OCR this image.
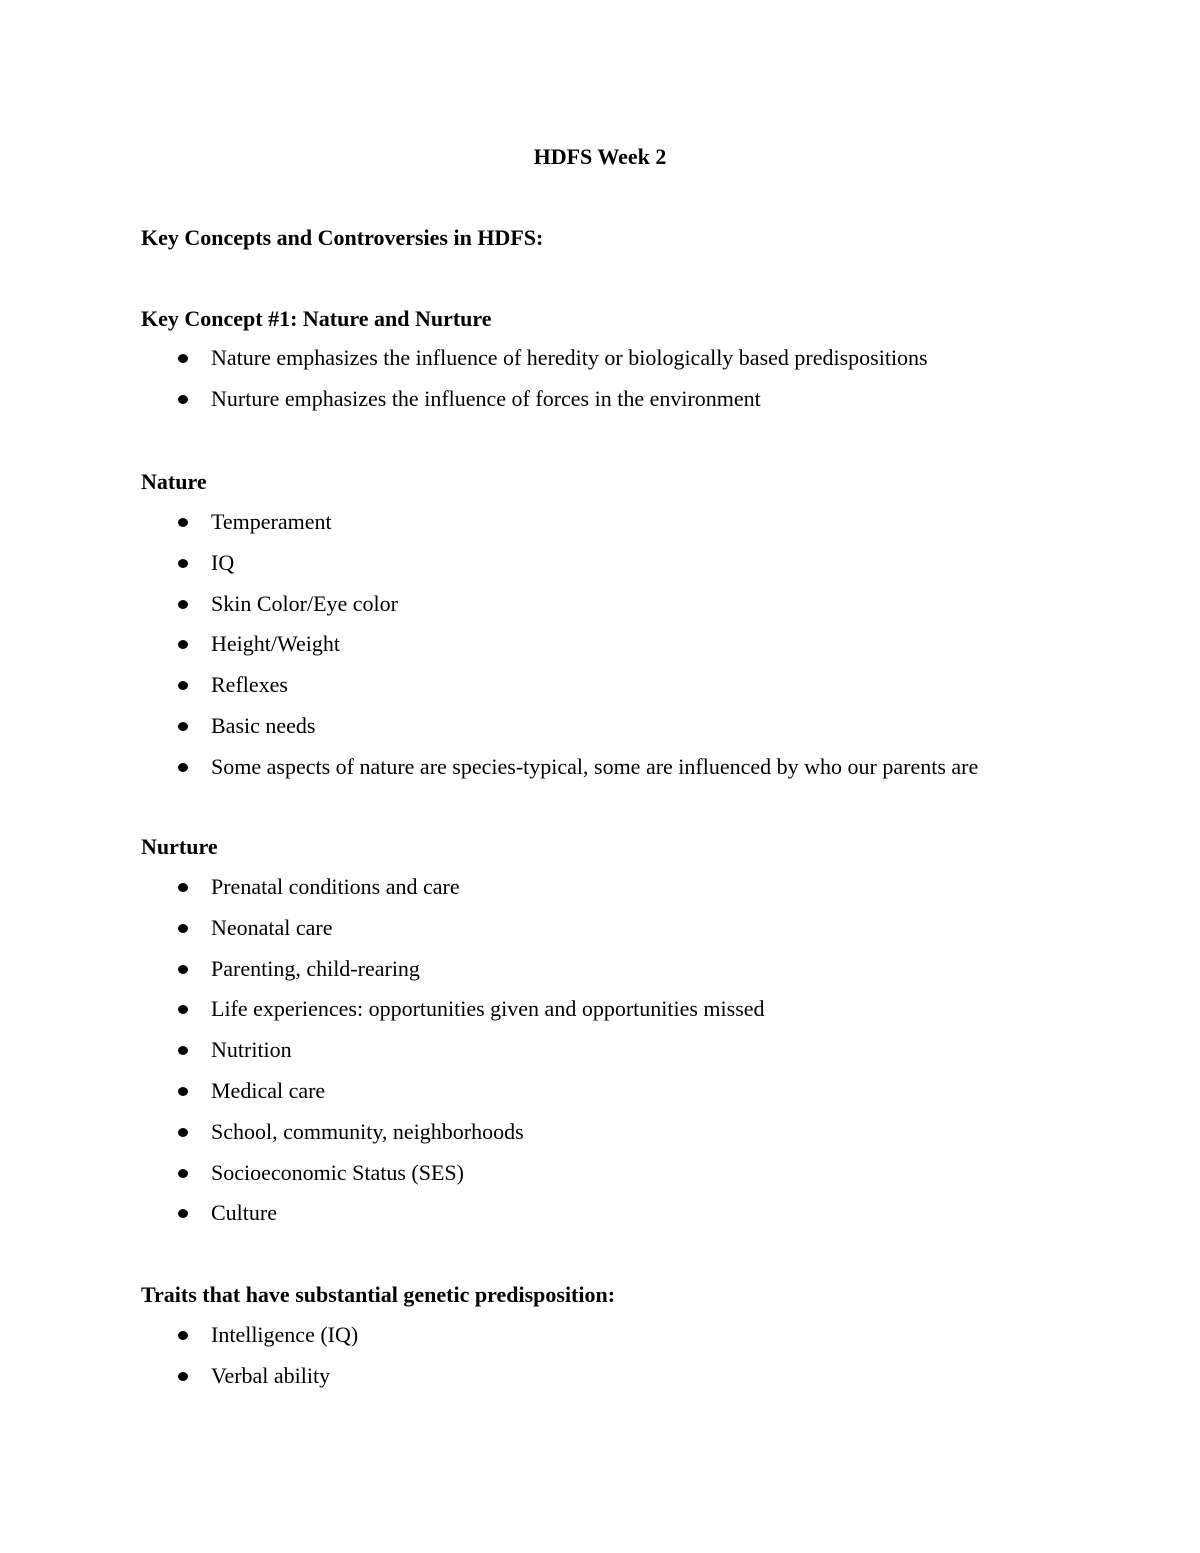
HDFS Week 2
Key Concepts and Controversies in HDFS:
Key Concept #1: Nature and Nurture
Nature emphasizes the influence of heredity or biologically based predispositions
Nurture emphasizes the influence of forces in the environment
Nature
Temperament
IQ
Skin Color/Eye color
Height/Weight
Reflexes
Basic needs
Some aspects of nature are species-typical, some are influenced by who our parents are
Nurture
Prenatal conditions and care
Neonatal care
Parenting, child-rearing
Life experiences: opportunities given and opportunities missed
Nutrition
Medical care
School, community, neighborhoods
Socioeconomic Status (SES)
Culture
Traits that have substantial genetic predisposition:
Intelligence (IQ)
Verbal ability
